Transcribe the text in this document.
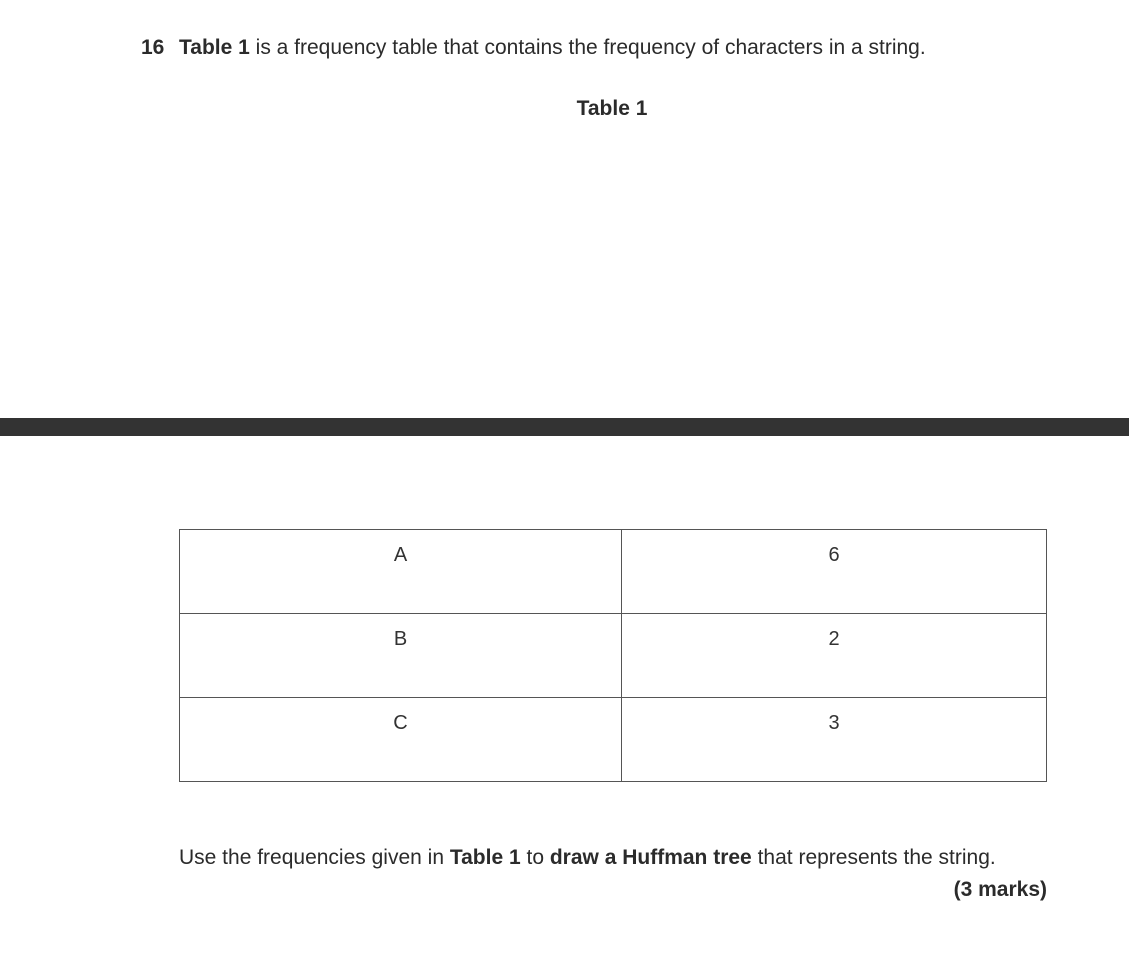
16 Table 1 is a frequency table that contains the frequency of characters in a string.
Table 1
A	6
B	2
C	3
Use the frequencies given in Table 1 to draw a Huffman tree that represents the string.
(3 marks)
